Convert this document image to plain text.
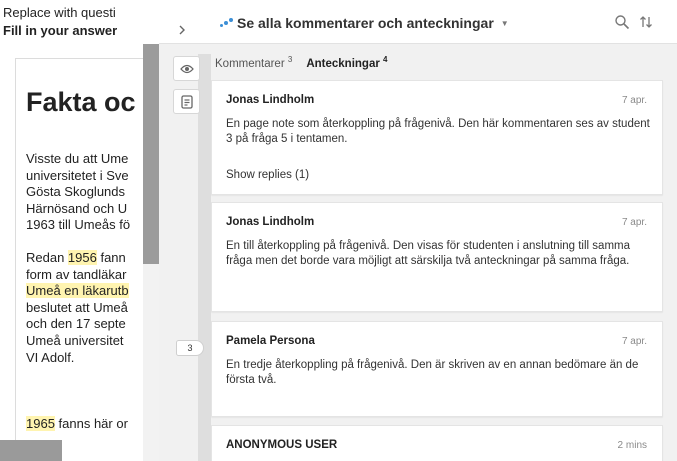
Replace with questi
Fill in your answer
Fakta oc
Visste du att Ume
universitetet i Sve
Gösta Skoglunds
Härnösand och U
1963 till Umeås fö
Redan 1956 fann
form av tandläkar
Umeå en läkarutb
beslutet att Umeå
och den 17 septe
Umeå universitet
VI Adolf.
1965 fanns här or
3
Se alla kommentarer och anteckningar ▼
Kommentarer $^3$ Anteckningar $^4$
Jonas Lindholm	7 apr.
En page note som återkoppling på frågenivå. Den här kommentaren ses av student 3 på fråga 5 i tentamen.
Show replies (1)
Jonas Lindholm	7 apr.
En till återkoppling på frågenivå. Den visas för studenten i anslutning till samma fråga men det borde vara möjligt att särskilja två anteckningar på samma fråga.
Pamela Persona	7 apr.
En tredje återkoppling på frågenivå. Den är skriven av en annan bedömare än de första två.
ANONYMOUS USER	2 mins
